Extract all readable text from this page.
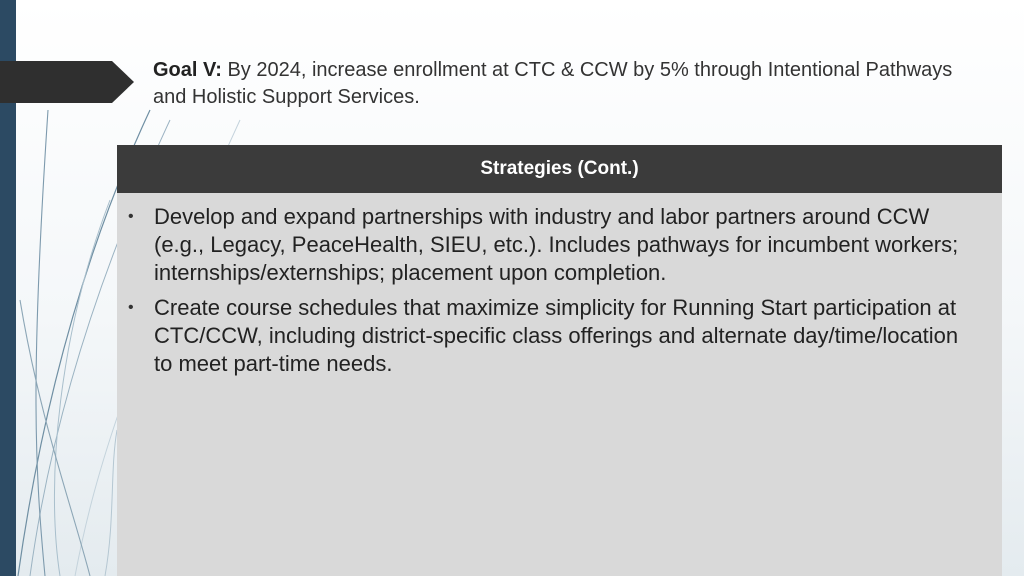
Goal V: By 2024, increase enrollment at CTC & CCW by 5% through Intentional Pathways and Holistic Support Services.
Strategies (Cont.)
• Develop and expand partnerships with industry and labor partners around CCW (e.g., Legacy, PeaceHealth, SIEU, etc.). Includes pathways for incumbent workers; internships/externships; placement upon completion.
• Create course schedules that maximize simplicity for Running Start participation at CTC/CCW, including district-specific class offerings and alternate day/time/location to meet part-time needs.
